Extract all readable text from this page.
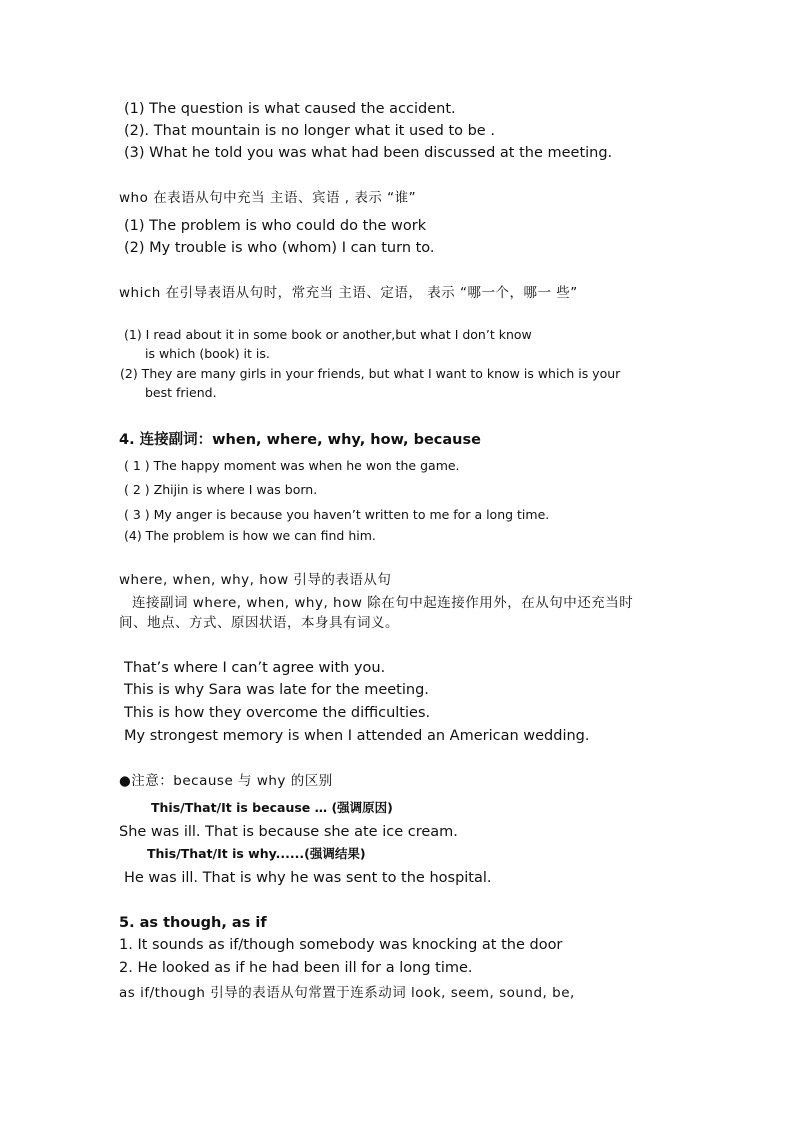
(1) The question is what caused the accident.
(2). That mountain is no longer what it used to be .
(3) What he told you was what had been discussed at the meeting.
who 在表语从句中充当 主语、宾语 , 表示 “谁”
(1) The problem is who could do the work
(2) My trouble is who (whom) I can turn to.
which 在引导表语从句时，常充当 主语、定语， 表示 “哪一个，哪一 些”
(1) I read about it in some book or another,but what I don’t know
is which (book) it is.
(2) They are many girls in your friends, but what I want to know is which is your
best friend.
4. 连接副词：when, where, why, how, because
( 1 ) The happy moment was when he won the game.
( 2 ) Zhijin is where I was born.
( 3 ) My anger is because you haven’t written to me for a long time.
(4) The problem is how we can find him.
where, when, why, how 引导的表语从句
连接副词 where, when, why, how 除在句中起连接作用外，在从句中还充当时
间、地点、方式、原因状语，本身具有词义。
That’s where I can’t agree with you.
This is why Sara was late for the meeting.
This is how they overcome the difficulties.
My strongest memory is when I attended an American wedding.
●注意：because 与 why 的区别
This/That/It is because … (强调原因)
She was ill. That is because she ate ice cream.
This/That/It is why......(强调结果)
He was ill. That is why he was sent to the hospital.
5. as though, as if
1. It sounds as if/though somebody was knocking at the door
2. He looked as if he had been ill for a long time.
as if/though 引导的表语从句常置于连系动词 look, seem, sound, be,
